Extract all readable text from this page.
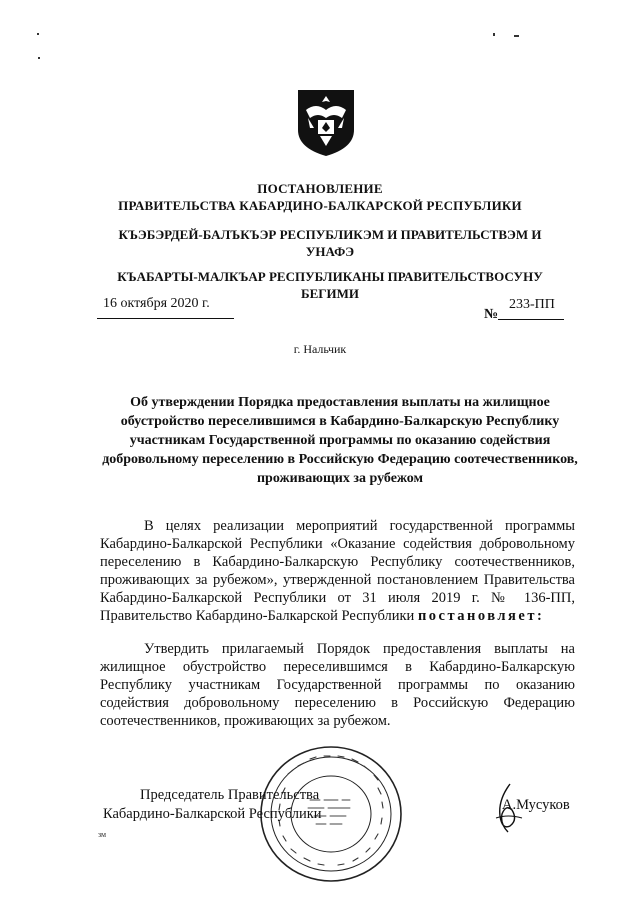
ПОСТАНОВЛЕНИЕ
ПРАВИТЕЛЬСТВА КАБАРДИНО-БАЛКАРСКОЙ РЕСПУБЛИКИ
КЪЭБЭРДЕЙ-БАЛЪКЪЭР РЕСПУБЛИКЭМ И ПРАВИТЕЛЬСТВЭМ И УНАФЭ
КЪАБАРТЫ-МАЛКЪАР РЕСПУБЛИКАНЫ ПРАВИТЕЛЬСТВОСУНУ БЕГИМИ
16 октября 2020 г.
№
233-ПП
г. Нальчик
Об утверждении Порядка предоставления выплаты на жилищное обустройство переселившимся в Кабардино-Балкарскую Республику участникам Государственной программы по оказанию содействия добровольному переселению в Российскую Федерацию соотечественников, проживающих за рубежом
В целях реализации мероприятий государственной программы Кабардино-Балкарской Республики «Оказание содействия добровольному переселению в Кабардино-Балкарскую Республику соотечественников, проживающих за рубежом», утвержденной постановлением Правительства Кабардино-Балкарской Республики от 31 июля 2019 г. № 136-ПП, Правительство Кабардино-Балкарской Республики постановляет:
Утвердить прилагаемый Порядок предоставления выплаты на жилищное обустройство переселившимся в Кабардино-Балкарскую Республику участникам Государственной программы по оказанию содействия добровольному переселению в Российскую Федерацию соотечественников, проживающих за рубежом.
Председатель Правительства
Кабардино-Балкарской Республики
А.Мусуков
зм
